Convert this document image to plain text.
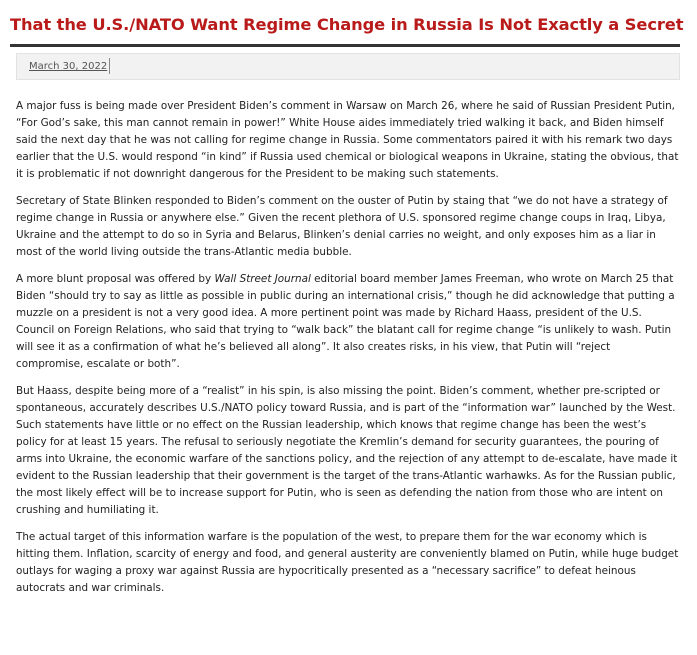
That the U.S./NATO Want Regime Change in Russia Is Not Exactly a Secret
March 30, 2022

A major fuss is being made over President Biden’s comment in Warsaw on March 26, where he said of Russian President Putin, “For God’s sake, this man cannot remain in power!” White House aides immediately tried walking it back, and Biden himself said the next day that he was not calling for regime change in Russia. Some commentators paired it with his remark two days earlier that the U.S. would respond “in kind” if Russia used chemical or biological weapons in Ukraine, stating the obvious, that it is problematic if not downright dangerous for the President to be making such statements.

Secretary of State Blinken responded to Biden’s comment on the ouster of Putin by staing that “we do not have a strategy of regime change in Russia or anywhere else.” Given the recent plethora of U.S. sponsored regime change coups in Iraq, Libya, Ukraine and the attempt to do so in Syria and Belarus, Blinken’s denial carries no weight, and only exposes him as a liar in most of the world living outside the trans-Atlantic media bubble.

A more blunt proposal was offered by Wall Street Journal editorial board member James Freeman, who wrote on March 25 that Biden “should try to say as little as possible in public during an international crisis,” though he did acknowledge that putting a muzzle on a president is not a very good idea. A more pertinent point was made by Richard Haass, president of the U.S. Council on Foreign Relations, who said that trying to “walk back” the blatant call for regime change “is unlikely to wash. Putin will see it as a confirmation of what he’s believed all along”. It also creates risks, in his view, that Putin will “reject compromise, escalate or both”.

But Haass, despite being more of a “realist” in his spin, is also missing the point. Biden’s comment, whether pre-scripted or spontaneous, accurately describes U.S./NATO policy toward Russia, and is part of the “information war” launched by the West. Such statements have little or no effect on the Russian leadership, which knows that regime change has been the west’s policy for at least 15 years. The refusal to seriously negotiate the Kremlin’s demand for security guarantees, the pouring of arms into Ukraine, the economic warfare of the sanctions policy, and the rejection of any attempt to de-escalate, have made it evident to the Russian leadership that their government is the target of the trans-Atlantic warhawks. As for the Russian public, the most likely effect will be to increase support for Putin, who is seen as defending the nation from those who are intent on crushing and humiliating it.

The actual target of this information warfare is the population of the west, to prepare them for the war economy which is hitting them. Inflation, scarcity of energy and food, and general austerity are conveniently blamed on Putin, while huge budget outlays for waging a proxy war against Russia are hypocritically presented as a “necessary sacrifice” to defeat heinous autocrats and war criminals.
